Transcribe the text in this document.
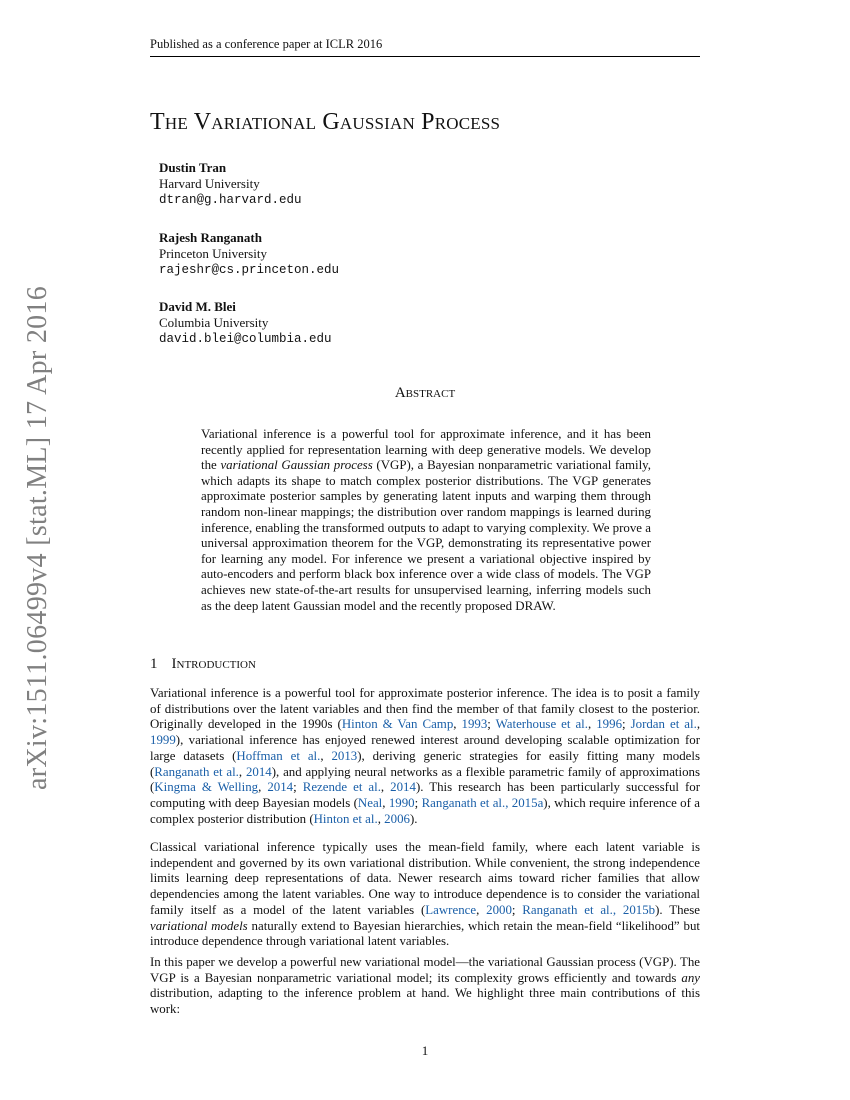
Published as a conference paper at ICLR 2016
arXiv:1511.06499v4 [stat.ML] 17 Apr 2016
The Variational Gaussian Process
Dustin Tran
Harvard University
dtran@g.harvard.edu
Rajesh Ranganath
Princeton University
rajeshr@cs.princeton.edu
David M. Blei
Columbia University
david.blei@columbia.edu
Abstract

Variational inference is a powerful tool for approximate inference, and it has been recently applied for representation learning with deep generative models. We develop the variational Gaussian process (VGP), a Bayesian nonparametric variational family, which adapts its shape to match complex posterior distributions. The VGP generates approximate posterior samples by generating latent inputs and warping them through random non-linear mappings; the distribution over random mappings is learned during inference, enabling the transformed outputs to adapt to varying complexity. We prove a universal approximation theorem for the VGP, demonstrating its representative power for learning any model. For inference we present a variational objective inspired by auto-encoders and perform black box inference over a wide class of models. The VGP achieves new state-of-the-art results for unsupervised learning, inferring models such as the deep latent Gaussian model and the recently proposed DRAW.

1 Introduction

Variational inference is a powerful tool for approximate posterior inference. The idea is to posit a family of distributions over the latent variables and then find the member of that family closest to the posterior. Originally developed in the 1990s (Hinton & Van Camp, 1993; Waterhouse et al., 1996; Jordan et al., 1999), variational inference has enjoyed renewed interest around developing scalable optimization for large datasets (Hoffman et al., 2013), deriving generic strategies for easily fitting many models (Ranganath et al., 2014), and applying neural networks as a flexible parametric family of approximations (Kingma & Welling, 2014; Rezende et al., 2014). This research has been particularly successful for computing with deep Bayesian models (Neal, 1990; Ranganath et al., 2015a), which require inference of a complex posterior distribution (Hinton et al., 2006).

Classical variational inference typically uses the mean-field family, where each latent variable is independent and governed by its own variational distribution. While convenient, the strong independence limits learning deep representations of data. Newer research aims toward richer families that allow dependencies among the latent variables. One way to introduce dependence is to consider the variational family itself as a model of the latent variables (Lawrence, 2000; Ranganath et al., 2015b). These variational models naturally extend to Bayesian hierarchies, which retain the mean-field “likelihood” but introduce dependence through variational latent variables.

In this paper we develop a powerful new variational model—the variational Gaussian process (VGP). The VGP is a Bayesian nonparametric variational model; its complexity grows efficiently and towards any distribution, adapting to the inference problem at hand. We highlight three main contributions of this work:

1
